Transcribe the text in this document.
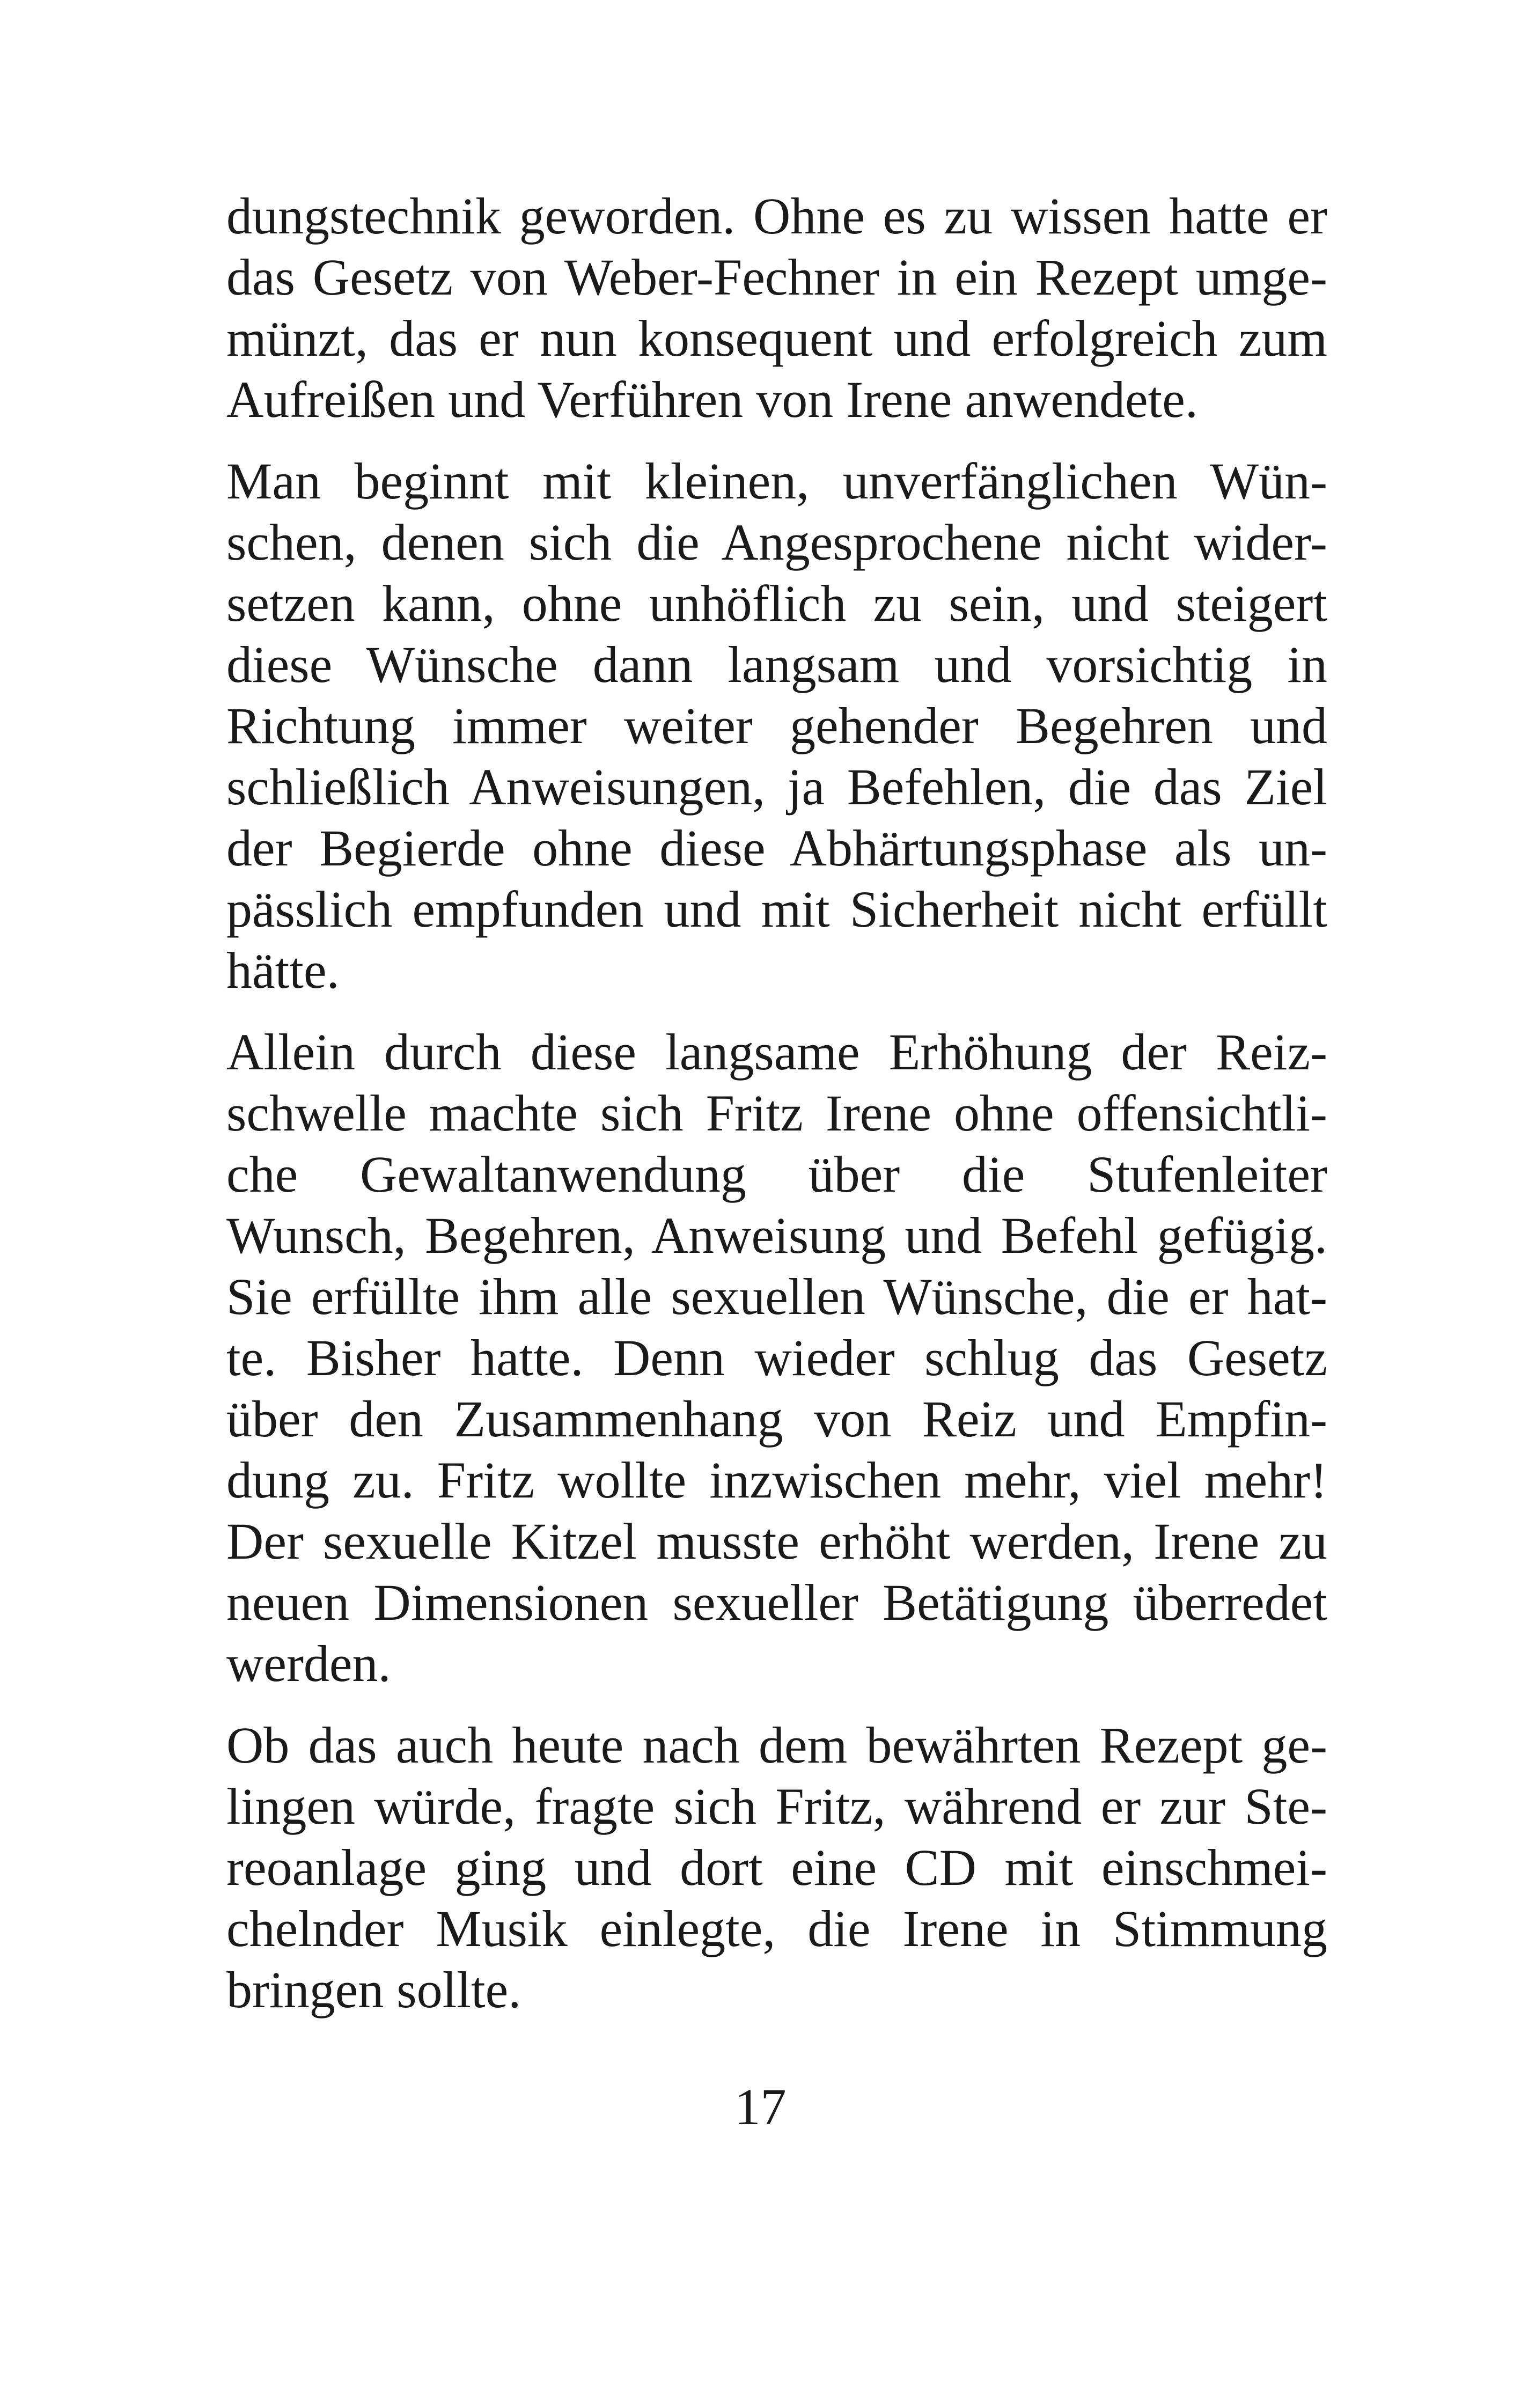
dungstechnik geworden. Ohne es zu wissen hatte er
das Gesetz von Weber-Fechner in ein Rezept umge-
münzt, das er nun konsequent und erfolgreich zum
Aufreißen und Verführen von Irene anwendete.
Man beginnt mit kleinen, unverfänglichen Wün-
schen, denen sich die Angesprochene nicht wider-
setzen kann, ohne unhöflich zu sein, und steigert
diese Wünsche dann langsam und vorsichtig in
Richtung immer weiter gehender Begehren und
schließlich Anweisungen, ja Befehlen, die das Ziel
der Begierde ohne diese Abhärtungsphase als un-
pässlich empfunden und mit Sicherheit nicht erfüllt
hätte.
Allein durch diese langsame Erhöhung der Reiz-
schwelle machte sich Fritz Irene ohne offensichtli-
che Gewaltanwendung über die Stufenleiter
Wunsch, Begehren, Anweisung und Befehl gefügig.
Sie erfüllte ihm alle sexuellen Wünsche, die er hat-
te. Bisher hatte. Denn wieder schlug das Gesetz
über den Zusammenhang von Reiz und Empfin-
dung zu. Fritz wollte inzwischen mehr, viel mehr!
Der sexuelle Kitzel musste erhöht werden, Irene zu
neuen Dimensionen sexueller Betätigung überredet
werden.
Ob das auch heute nach dem bewährten Rezept ge-
lingen würde, fragte sich Fritz, während er zur Ste-
reoanlage ging und dort eine CD mit einschmei-
chelnder Musik einlegte, die Irene in Stimmung
bringen sollte.
17
